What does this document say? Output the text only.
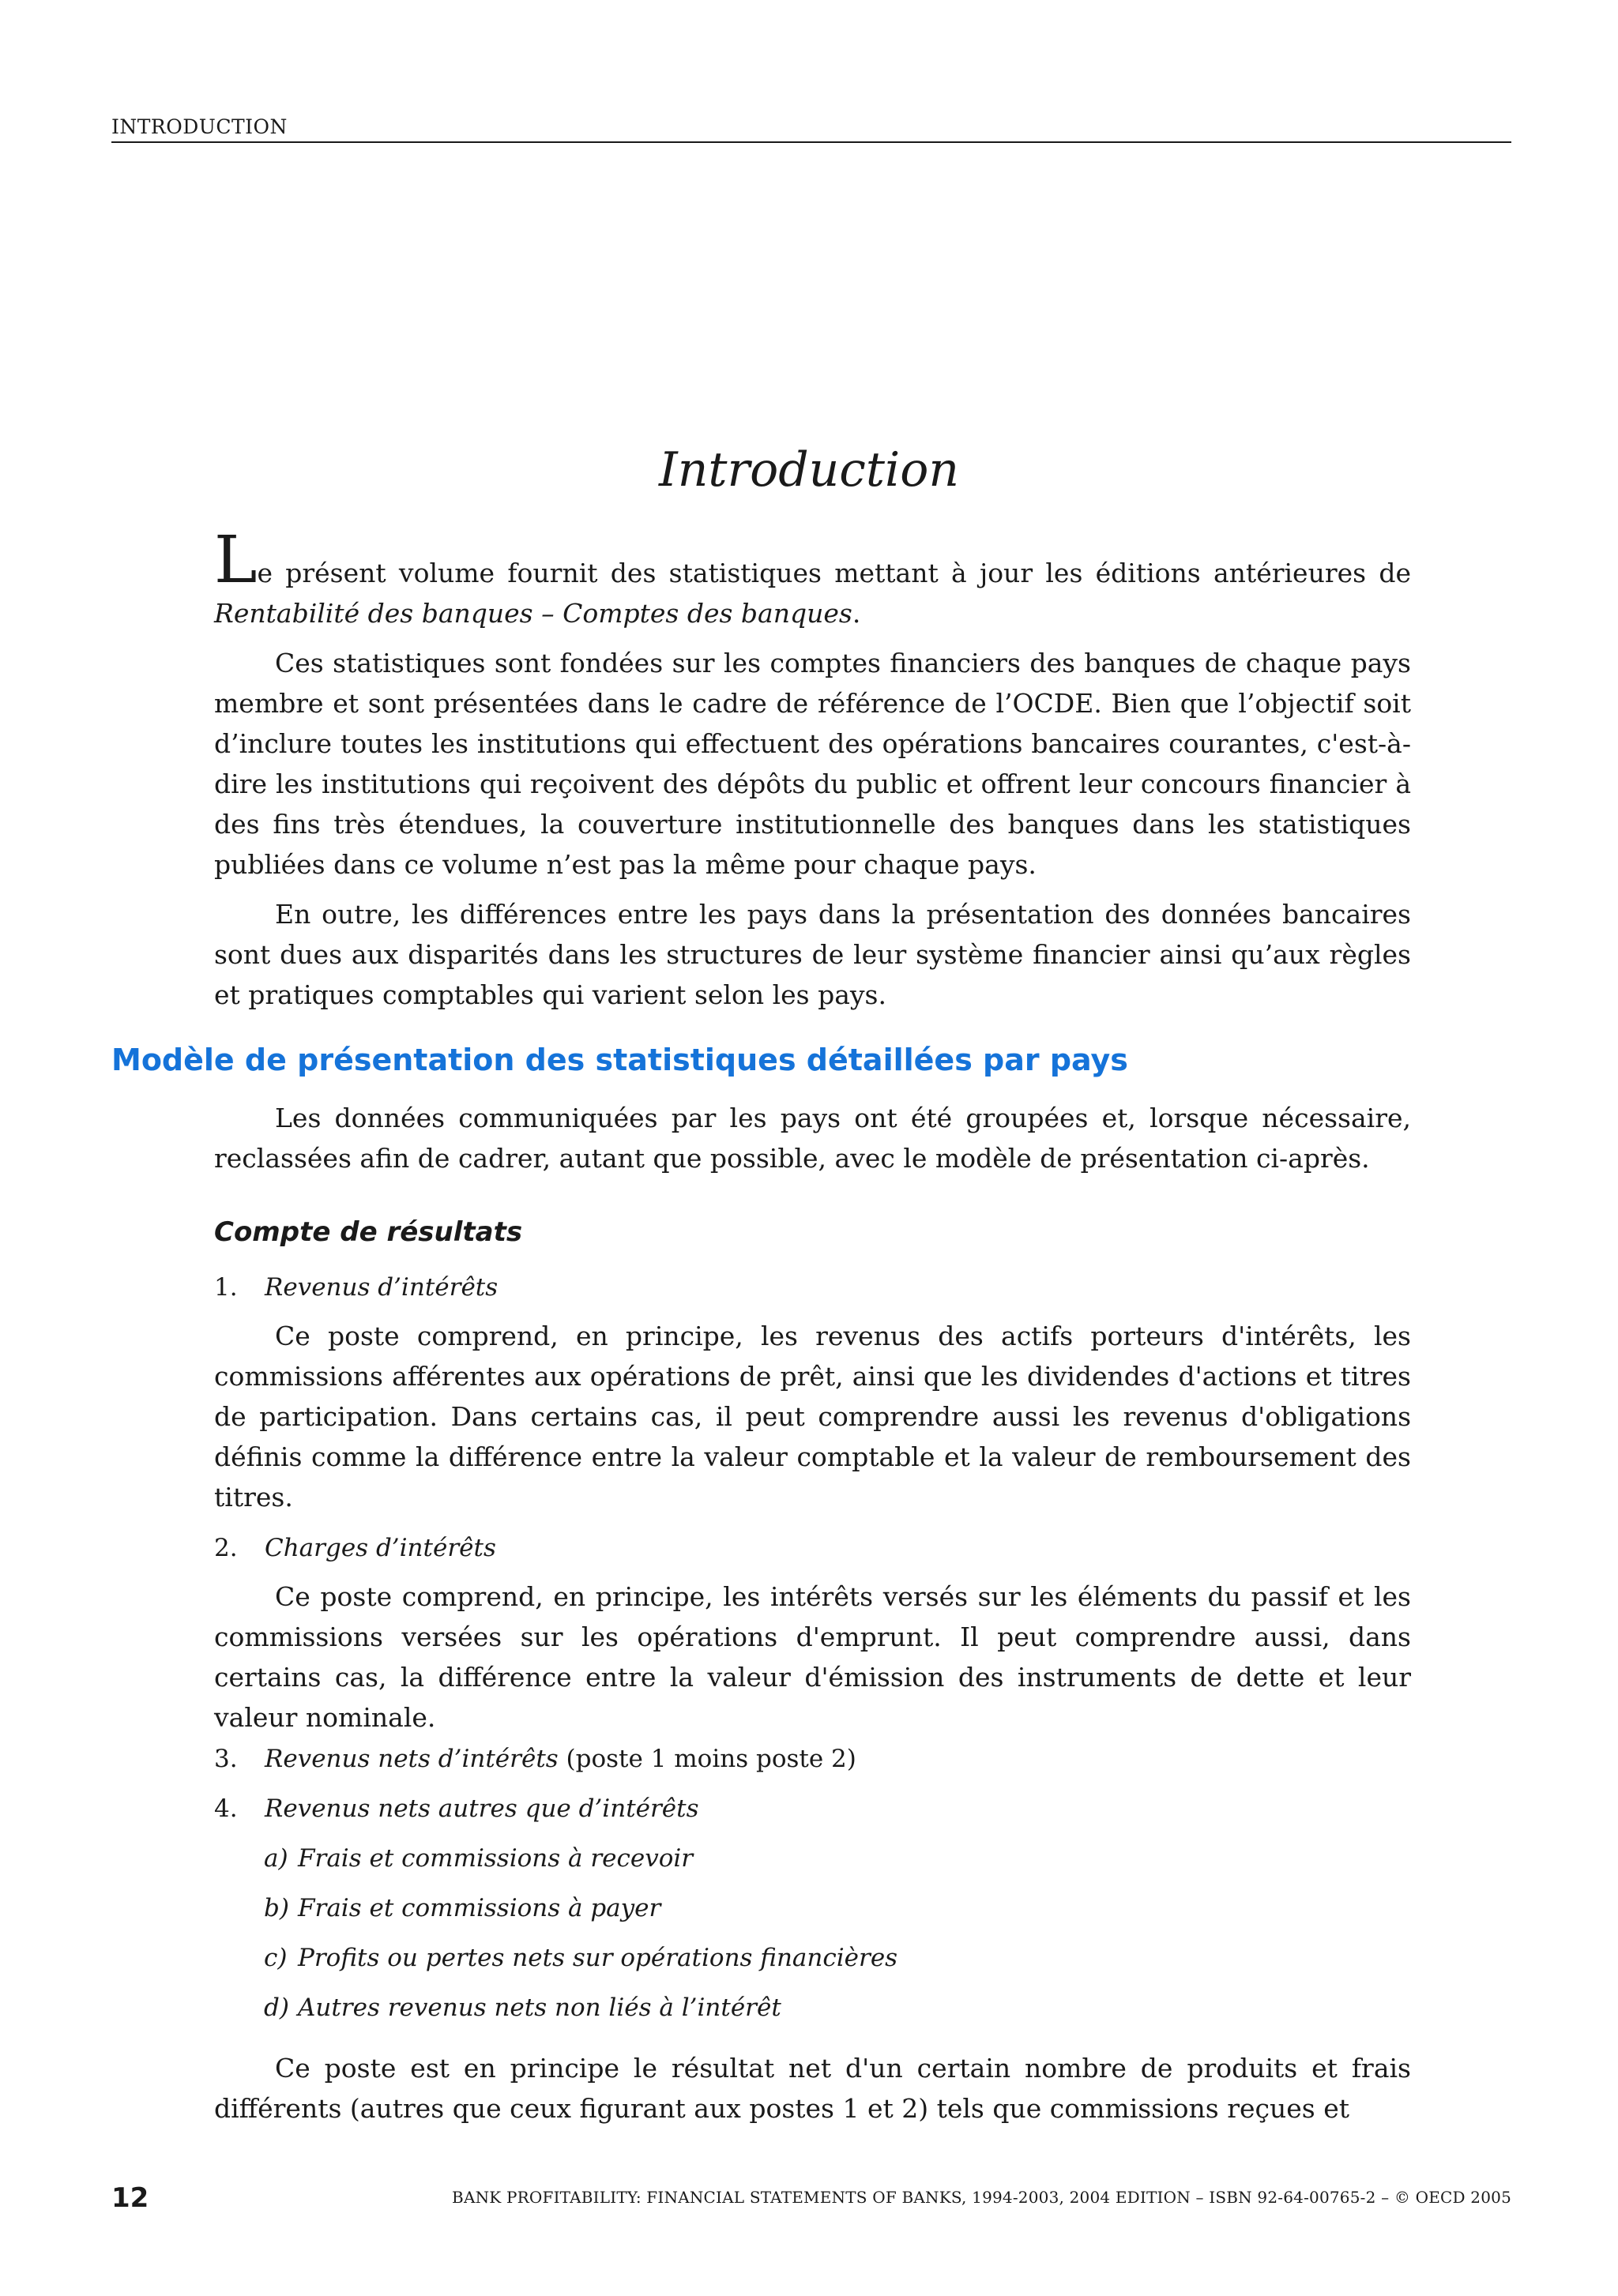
INTRODUCTION
Introduction

Le présent volume fournit des statistiques mettant à jour les éditions antérieures de Rentabilité des banques – Comptes des banques.

Ces statistiques sont fondées sur les comptes financiers des banques de chaque pays membre et sont présentées dans le cadre de référence de l’OCDE. Bien que l’objectif soit d’inclure toutes les institutions qui effectuent des opérations bancaires courantes, c'est-à-dire les institutions qui reçoivent des dépôts du public et offrent leur concours financier à des fins très étendues, la couverture institutionnelle des banques dans les statistiques publiées dans ce volume n’est pas la même pour chaque pays.

En outre, les différences entre les pays dans la présentation des données bancaires sont dues aux disparités dans les structures de leur système financier ainsi qu’aux règles et pratiques comptables qui varient selon les pays.

Modèle de présentation des statistiques détaillées par pays

Les données communiquées par les pays ont été groupées et, lorsque nécessaire, reclassées afin de cadrer, autant que possible, avec le modèle de présentation ci-après.

Compte de résultats
1. Revenus d’intérêts

Ce poste comprend, en principe, les revenus des actifs porteurs d'intérêts, les commissions afférentes aux opérations de prêt, ainsi que les dividendes d'actions et titres de participation. Dans certains cas, il peut comprendre aussi les revenus d'obligations définis comme la différence entre la valeur comptable et la valeur de remboursement des titres.

2. Charges d’intérêts

Ce poste comprend, en principe, les intérêts versés sur les éléments du passif et les commissions versées sur les opérations d'emprunt. Il peut comprendre aussi, dans certains cas, la différence entre la valeur d'émission des instruments de dette et leur valeur nominale.

3. Revenus nets d’intérêts (poste 1 moins poste 2)
4. Revenus nets autres que d’intérêts
a) Frais et commissions à recevoir
b) Frais et commissions à payer
c) Profits ou pertes nets sur opérations financières
d) Autres revenus nets non liés à l’intérêt

Ce poste est en principe le résultat net d'un certain nombre de produits et frais différents (autres que ceux figurant aux postes 1 et 2) tels que commissions reçues et

12	BANK PROFITABILITY: FINANCIAL STATEMENTS OF BANKS, 1994-2003, 2004 EDITION – ISBN 92-64-00765-2 – © OECD 2005
